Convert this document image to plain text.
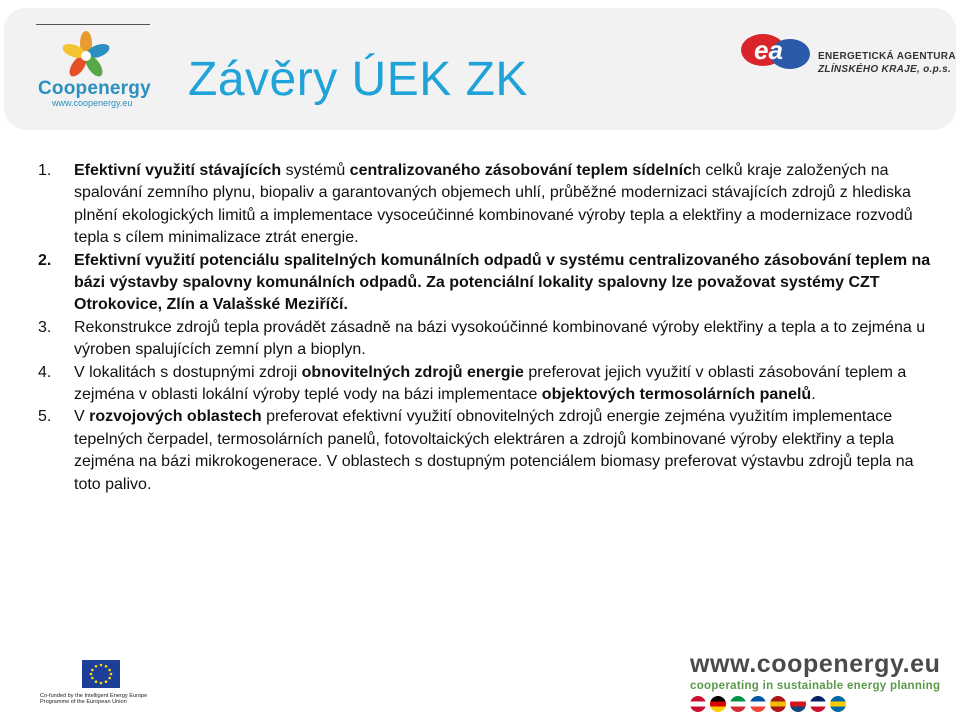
Coopenergy
www.coopenergy.eu Závěry ÚEK ZK
ea	ENERGETICKÁ AGENTURA
ZLÍNSKÉHO KRAJE, o.p.s.
1. Efektivní využití stávajících systémů centralizovaného zásobování teplem sídelních celků kraje založených na spalování zemního plynu, biopaliv a garantovaných objemech uhlí, průběžné modernizaci stávajících zdrojů z hlediska plnění ekologických limitů a implementace vysoceúčinné kombinované výroby tepla a elektřiny a modernizace rozvodů tepla s cílem minimalizace ztrát energie.
2. Efektivní využití potenciálu spalitelných komunálních odpadů v systému centralizovaného zásobování teplem na bázi výstavby spalovny komunálních odpadů. Za potenciální lokality spalovny lze považovat systémy CZT Otrokovice, Zlín a Valašské Meziříčí.
3. Rekonstrukce zdrojů tepla provádět zásadně na bázi vysokoúčinné kombinované výroby elektřiny a tepla a to zejména u výroben spalujících zemní plyn a bioplyn.
4. V lokalitách s dostupnými zdroji obnovitelných zdrojů energie preferovat jejich využití v oblasti zásobování teplem a zejména v oblasti lokální výroby teplé vody na bázi implementace objektových termosolárních panelů.
5. V rozvojových oblastech preferovat efektivní využití obnovitelných zdrojů energie zejména využitím implementace tepelných čerpadel, termosolárních panelů, fotovoltaických elektráren a zdrojů kombinované výroby elektřiny a tepla zejména na bázi mikrokogenerace. V oblastech s dostupným potenciálem biomasy preferovat výstavbu zdrojů tepla na toto palivo.
Co-funded by the Intelligent Energy Europe Programme of the European Union
www.coopenergy.eu
cooperating in sustainable energy planning
